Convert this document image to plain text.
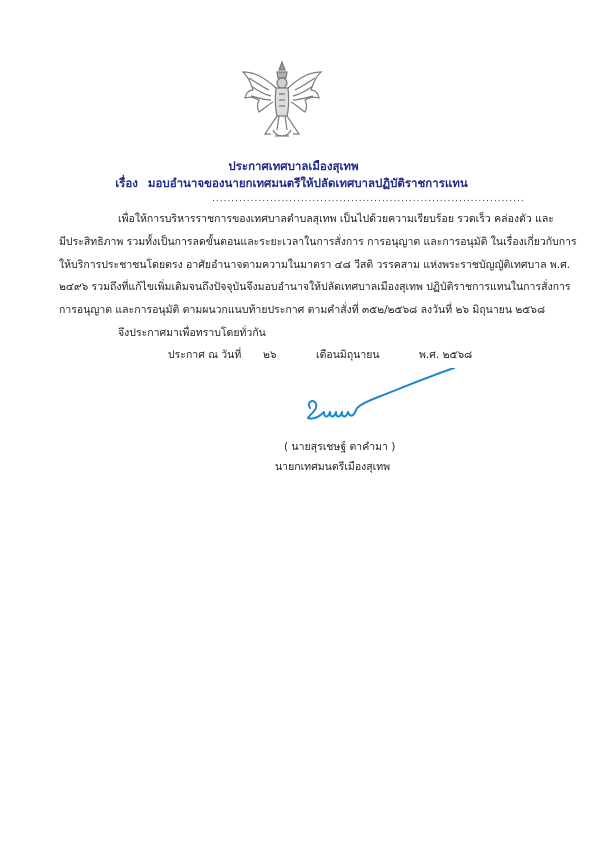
ประกาศเทศบาลเมืองสุเทพ
เรื่อง มอบอำนาจของนายกเทศมนตรีให้ปลัดเทศบาลปฏิบัติราชการแทน
.................................................................................
เพื่อให้การบริหารราชการของเทศบาลตำบลสุเทพ เป็นไปด้วยความเรียบร้อย รวดเร็ว คล่องตัว และ
มีประสิทธิภาพ รวมทั้งเป็นการลดขั้นตอนและระยะเวลาในการสั่งการ การอนุญาต และการอนุมัติ ในเรื่องเกี่ยวกับการ
ให้บริการประชาชนโดยตรง อาศัยอำนาจตามความในมาตรา ๔๘ วีสติ วรรคสาม แห่งพระราชบัญญัติเทศบาล พ.ศ.
๒๔๙๖ รวมถึงที่แก้ไขเพิ่มเติมจนถึงปัจจุบันจึงมอบอำนาจให้ปลัดเทศบาลเมืองสุเทพ ปฏิบัติราชการแทนในการสั่งการ
การอนุญาต และการอนุมัติ ตามผนวกแนบท้ายประกาศ ตามคำสั่งที่ ๓๕๒/๒๕๖๘ ลงวันที่ ๒๖ มิถุนายน ๒๕๖๘
จึงประกาศมาเพื่อทราบโดยทั่วกัน
ประกาศ ณ วันที่ ๒๖	เดือนมิถุนายน	พ.ศ. ๒๕๖๘
( นายสุรเชษฐ์ ตาคำมา )
นายกเทศมนตรีเมืองสุเทพ
